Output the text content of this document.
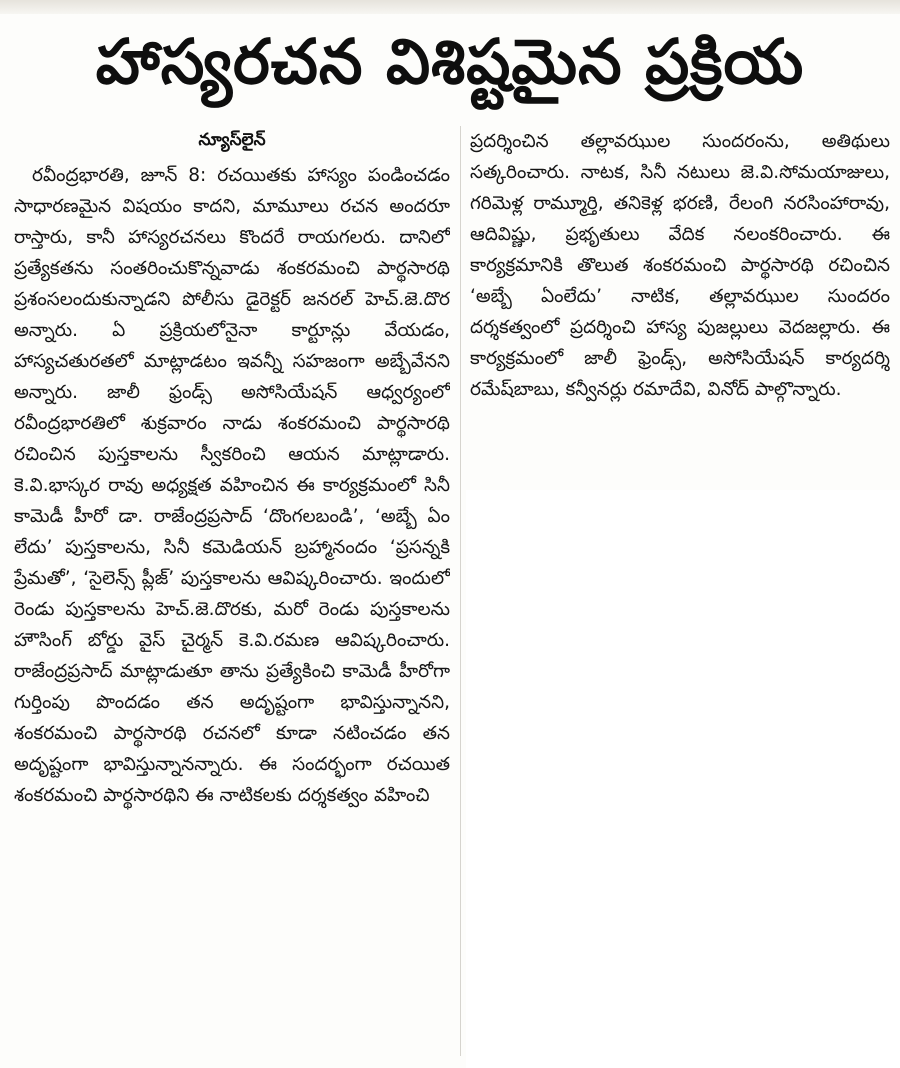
హాస్యరచన విశిష్టమైన ప్రక్రియ
న్యూస్‌లైన్

రవీంద్రభారతి, జూన్ 8: రచయితకు హాస్యం పండించడం సాధారణమైన విషయం కాదని, మామూలు రచన అందరూ రాస్తారు, కానీ హాస్యరచనలు కొందరే రాయగలరు. దానిలో ప్రత్యేకతను సంతరించుకొన్నవాడు శంకరమంచి పార్థసారథి ప్రశంసలందుకున్నాడని పోలీసు డైరెక్టర్ జనరల్ హెచ్.జె.దొర అన్నారు. ఏ ప్రక్రియలోనైనా కార్టూన్లు వేయడం, హాస్యచతురతలో మాట్లాడటం ఇవన్నీ సహజంగా అబ్బేవేనని అన్నారు. జాలీ ఫ్రండ్స్ అసోసియేషన్ ఆధ్వర్యంలో రవీంద్రభారతిలో శుక్రవారం నాడు శంకరమంచి పార్థసారథి రచించిన పుస్తకాలను స్వీకరించి ఆయన మాట్లాడారు. కె.వి.భాస్కర రావు అధ్యక్షత వహించిన ఈ కార్యక్రమంలో సినీ కామెడీ హీరో డా. రాజేంద్రప్రసాద్ ‘దొంగలబండి’, ‘అబ్బే ఏం లేదు’ పుస్తకాలను, సినీ కమెడియన్ బ్రహ్మానందం ‘ప్రసన్నకి ప్రేమతో’, ‘సైలెన్స్ ప్లీజ్’ పుస్తకాలను ఆవిష్కరించారు. ఇందులో రెండు పుస్తకాలను హెచ్.జె.దొరకు, మరో రెండు పుస్తకాలను హౌసింగ్ బోర్డు వైస్ చైర్మన్ కె.వి.రమణ ఆవిష్కరించారు. రాజేంద్రప్రసాద్ మాట్లాడుతూ తాను ప్రత్యేకించి కామెడీ హీరోగా గుర్తింపు పొందడం తన అదృష్టంగా భావిస్తున్నానని, శంకరమంచి పార్థసారథి రచనలో కూడా నటించడం తన అదృష్టంగా భావిస్తున్నానన్నారు. ఈ సందర్భంగా రచయిత శంకరమంచి పార్థసారథిని ఈ నాటికలకు దర్శకత్వం వహించి

ప్రదర్శించిన తల్లావఝుల సుందరంను, అతిథులు సత్కరించారు. నాటక, సినీ నటులు జె.వి.సోమయాజులు, గరిమెళ్ల రామ్మూర్తి, తనికెళ్ల భరణి, రేలంగి నరసింహారావు, ఆదివిష్ణు, ప్రభృతులు వేదిక నలంకరించారు. ఈ కార్యక్రమానికి తొలుత శంకరమంచి పార్థసారథి రచించిన ‘అబ్బే ఏంలేదు’ నాటిక, తల్లావఝుల సుందరం దర్శకత్వంలో ప్రదర్శించి హాస్య పుజల్లులు వెదజల్లారు. ఈ కార్యక్రమంలో జాలీ ఫ్రెండ్స్, అసోసియేషన్ కార్యదర్శి రమేష్‌బాబు, కన్వీనర్లు రమాదేవి, వినోద్ పాల్గొన్నారు.
